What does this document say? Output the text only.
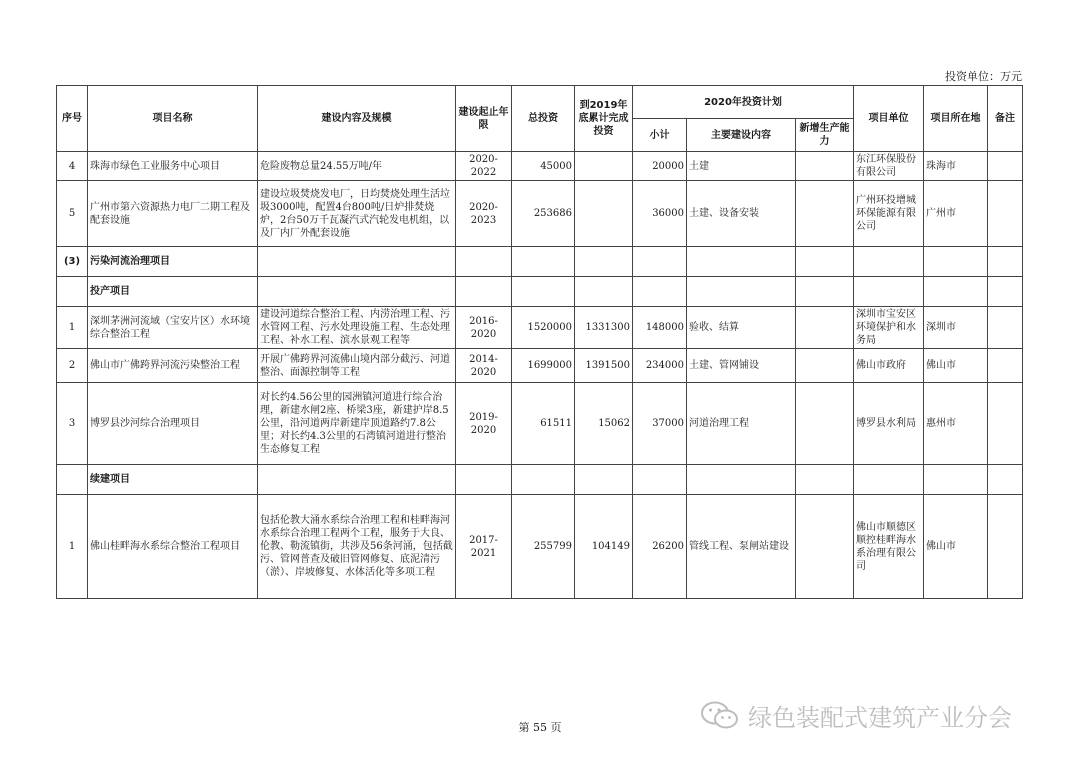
投资单位：万元
序号	项目名称	建设内容及规模	建设起止年限	总投资	到2019年底累计完成投资	2020年投资计划			项目单位	项目所在地	备注
						小计	主要建设内容	新增生产能力			
4	珠海市绿色工业服务中心项目	危险废物总量24.55万吨/年	2020-2022	45000		20000	土建		东江环保股份有限公司	珠海市	
5	广州市第六资源热力电厂二期工程及配套设施	建设垃圾焚烧发电厂，日均焚烧处理生活垃圾3000吨，配置4台800吨/日炉排焚烧炉，2台50万千瓦凝汽式汽轮发电机组，以及厂内厂外配套设施	2020-2023	253686		36000	土建、设备安装		广州环投增城环保能源有限公司	广州市	
(3)	污染河流治理项目										
	投产项目										
1	深圳茅洲河流域（宝安片区）水环境综合整治工程	建设河道综合整治工程、内涝治理工程、污水管网工程、污水处理设施工程、生态处理工程、补水工程、滨水景观工程等	2016-2020	1520000	1331300	148000	验收、结算		深圳市宝安区环境保护和水务局	深圳市	
2	佛山市广佛跨界河流污染整治工程	开展广佛跨界河流佛山境内部分截污、河道整治、面源控制等工程	2014-2020	1699000	1391500	234000	土建、管网铺设		佛山市政府	佛山市	
3	博罗县沙河综合治理项目	对长约4.56公里的园洲镇河道进行综合治理，新建水闸2座、桥梁3座，新建护岸8.5公里，沿河道两岸新建岸顶道路约7.8公里；对长约4.3公里的石湾镇河道进行整治生态修复工程	2019-2020	61511	15062	37000	河道治理工程		博罗县水利局	惠州市	
	续建项目										
1	佛山桂畔海水系综合整治工程项目	包括伦教大涌水系综合治理工程和桂畔海河水系综合治理工程两个工程，服务于大良、伦教、勒流镇街，共涉及56条河涌，包括截污、管网普查及破旧管网修复、底泥清污（淤）、岸坡修复、水体活化等多项工程	2017-2021	255799	104149	26200	管线工程、泵闸站建设		佛山市顺德区顺控桂畔海水系治理有限公司	佛山市	
第 55 页	绿色装配式建筑产业分会
